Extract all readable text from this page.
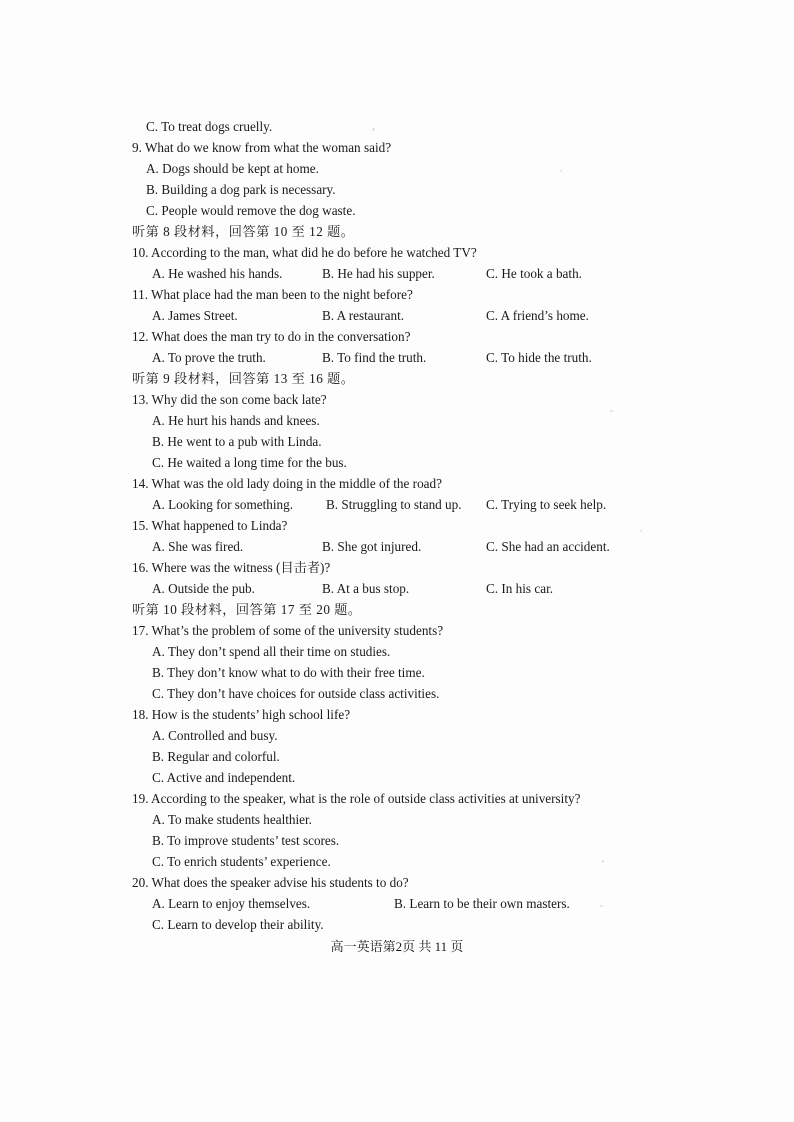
C. To treat dogs cruelly.
9. What do we know from what the woman said?
A. Dogs should be kept at home.
B. Building a dog park is necessary.
C. People would remove the dog waste.
听第 8 段材料，回答第 10 至 12 题。
10. According to the man, what did he do before he watched TV?
A. He washed his hands.	B. He had his supper.	C. He took a bath.
11. What place had the man been to the night before?
A. James Street.	B. A restaurant.	C. A friend’s home.
12. What does the man try to do in the conversation?
A. To prove the truth.	B. To find the truth.	C. To hide the truth.
听第 9 段材料，回答第 13 至 16 题。
13. Why did the son come back late?
A. He hurt his hands and knees.
B. He went to a pub with Linda.
C. He waited a long time for the bus.
14. What was the old lady doing in the middle of the road?
A. Looking for something. B. Struggling to stand up. C. Trying to seek help.
15. What happened to Linda?
A. She was fired.	B. She got injured.	C. She had an accident.
16. Where was the witness (目击者)?
A. Outside the pub.	B. At a bus stop.	C. In his car.
听第 10 段材料，回答第 17 至 20 题。
17. What’s the problem of some of the university students?
A. They don’t spend all their time on studies.
B. They don’t know what to do with their free time.
C. They don’t have choices for outside class activities.
18. How is the students’ high school life?
A. Controlled and busy.
B. Regular and colorful.
C. Active and independent.
19. According to the speaker, what is the role of outside class activities at university?
A. To make students healthier.
B. To improve students’ test scores.
C. To enrich students’ experience.
20. What does the speaker advise his students to do?
A. Learn to enjoy themselves.	B. Learn to be their own masters.
C. Learn to develop their ability.
高一英语第2页 共 11 页
